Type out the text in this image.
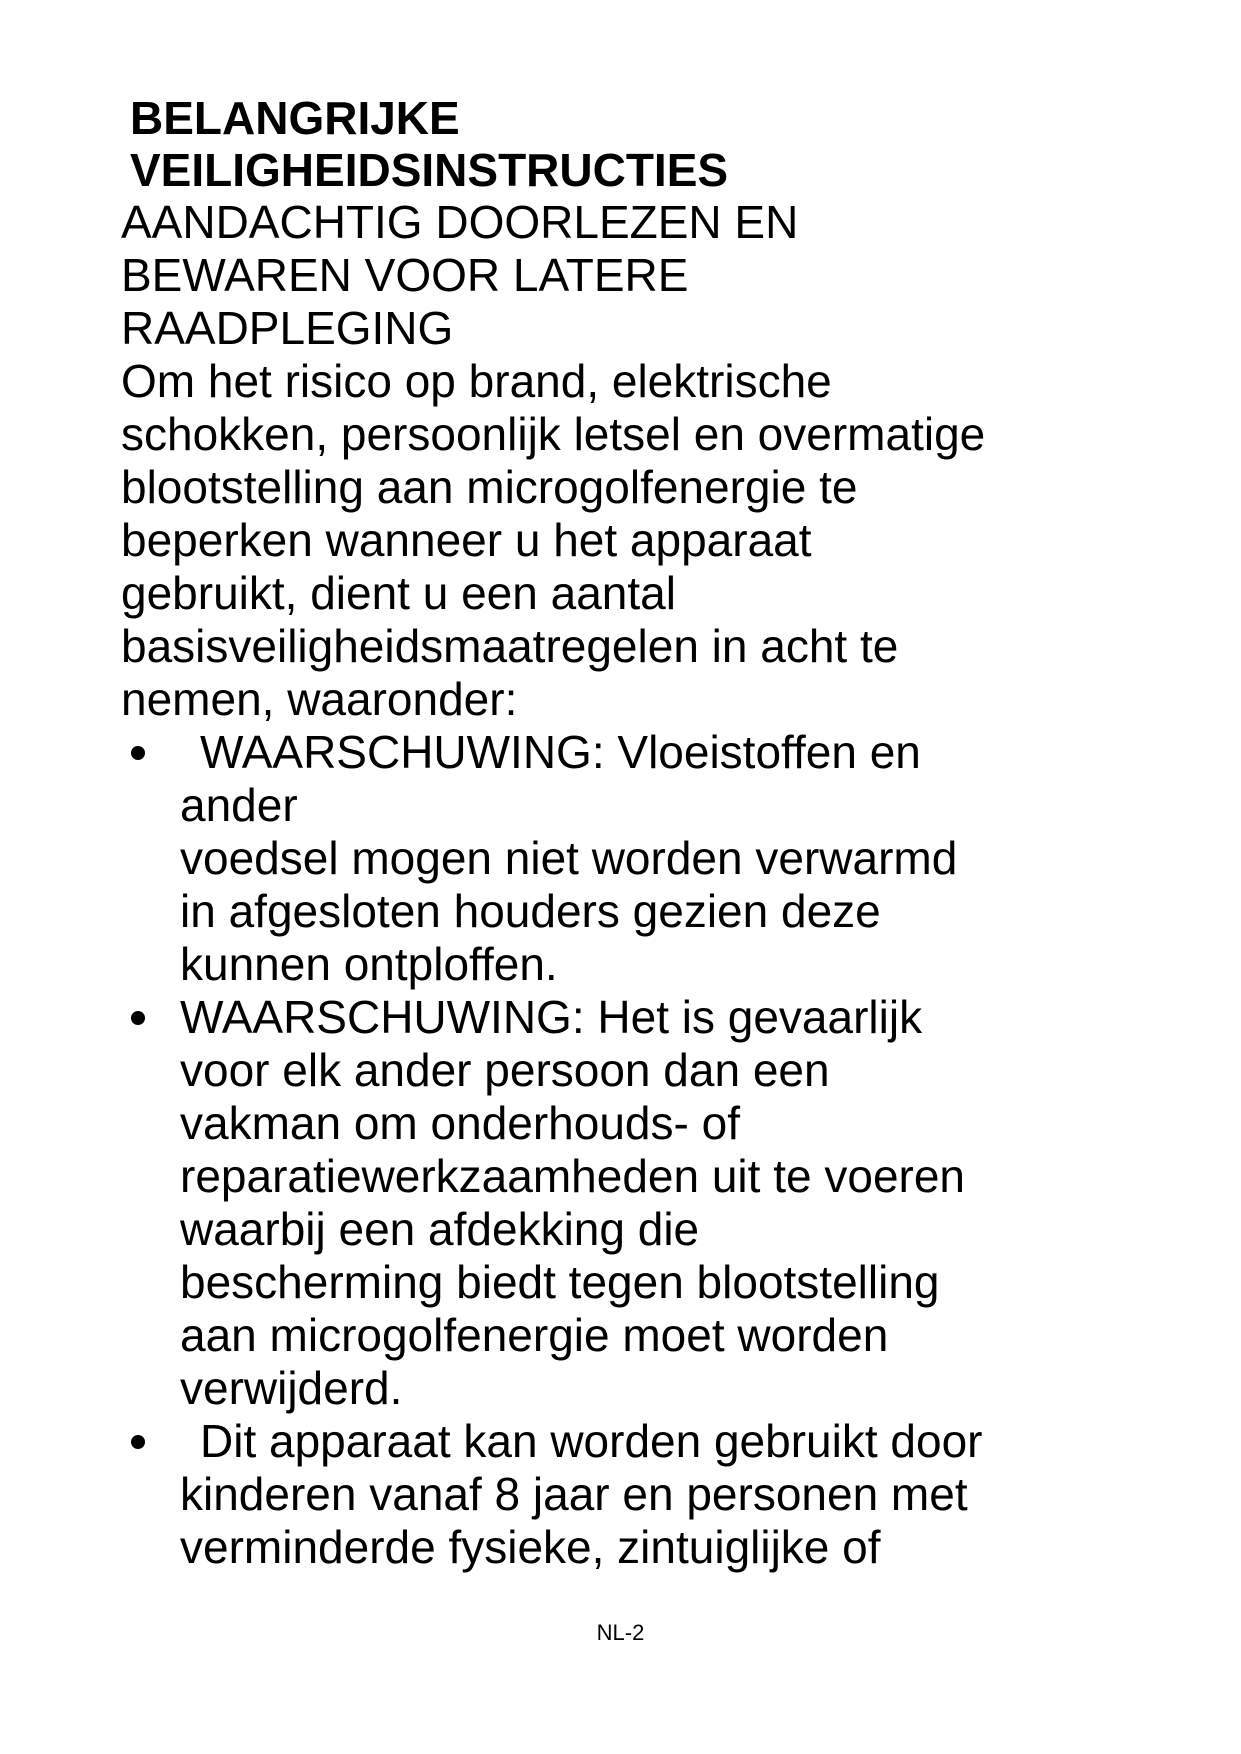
BELANGRIJKE
VEILIGHEIDSINSTRUCTIES
AANDACHTIG DOORLEZEN EN
BEWAREN VOOR LATERE
RAADPLEGING
Om het risico op brand, elektrische
schokken, persoonlijk letsel en overmatige
blootstelling aan microgolfenergie te
beperken wanneer u het apparaat
gebruikt, dient u een aantal
basisveiligheidsmaatregelen in acht te
nemen, waaronder:
WAARSCHUWING: Vloeistoffen en
ander
voedsel mogen niet worden verwarmd
in afgesloten houders gezien deze
kunnen ontploffen.
WAARSCHUWING: Het is gevaarlijk
voor elk ander persoon dan een
vakman om onderhouds- of
reparatiewerkzaamheden uit te voeren
waarbij een afdekking die
bescherming biedt tegen blootstelling
aan microgolfenergie moet worden
verwijderd.
Dit apparaat kan worden gebruikt door
kinderen vanaf 8 jaar en personen met
verminderde fysieke, zintuiglijke of
NL-2
